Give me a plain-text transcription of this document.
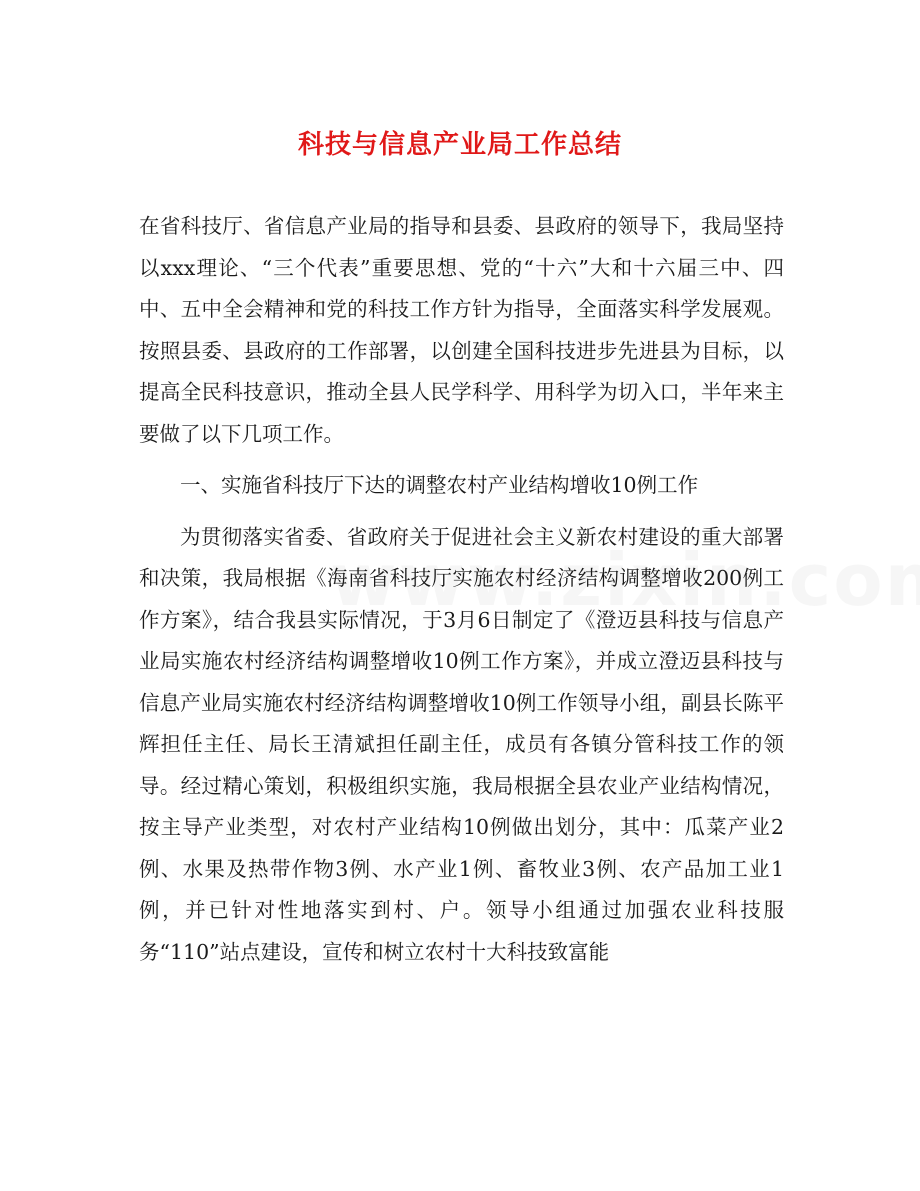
科技与信息产业局工作总结

在省科技厅、省信息产业局的指导和县委、县政府的领导下，我局坚持以xxx理论、“三个代表”重要思想、党的“十六”大和十六届三中、四中、五中全会精神和党的科技工作方针为指导，全面落实科学发展观。按照县委、县政府的工作部署，以创建全国科技进步先进县为目标，以提高全民科技意识，推动全县人民学科学、用科学为切入口，半年来主要做了以下几项工作。

一、实施省科技厅下达的调整农村产业结构增收10例工作

为贯彻落实省委、省政府关于促进社会主义新农村建设的重大部署和决策，我局根据《海南省科技厅实施农村经济结构调整增收200例工作方案》，结合我县实际情况，于3月6日制定了《澄迈县科技与信息产业局实施农村经济结构调整增收10例工作方案》，并成立澄迈县科技与信息产业局实施农村经济结构调整增收10例工作领导小组，副县长陈平辉担任主任、局长王清斌担任副主任，成员有各镇分管科技工作的领导。经过精心策划，积极组织实施，我局根据全县农业产业结构情况，按主导产业类型，对农村产业结构10例做出划分，其中：瓜菜产业2例、水果及热带作物3例、水产业1例、畜牧业3例、农产品加工业1例，并已针对性地落实到村、户。领导小组通过加强农业科技服务“110”站点建设，宣传和树立农村十大科技致富能
